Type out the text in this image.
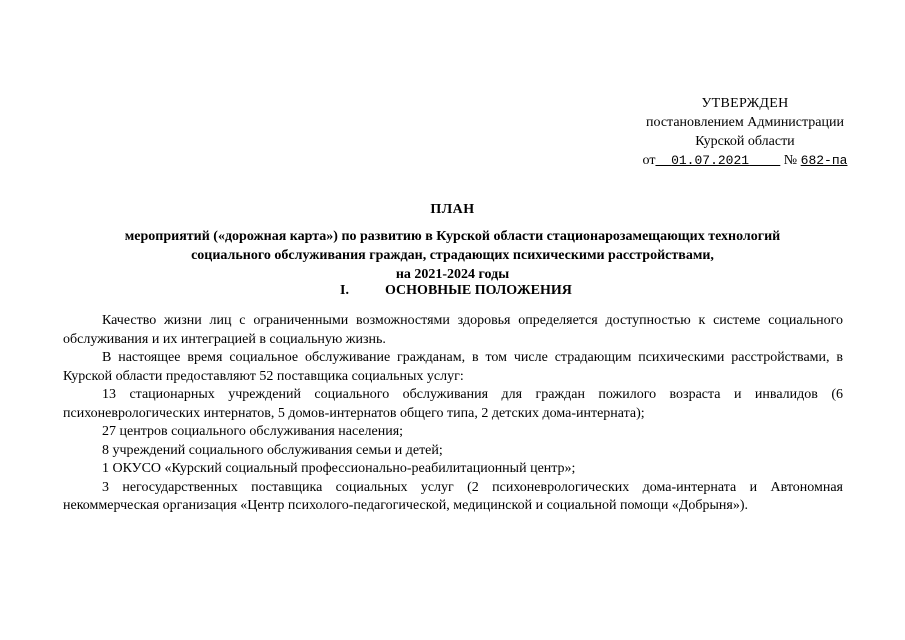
УТВЕРЖДЕН
постановлением Администрации
Курской области
от 01.07.2021 № 682-па
ПЛАН
мероприятий («дорожная карта») по развитию в Курской области стационарозамещающих технологий
социального обслуживания граждан, страдающих психическими расстройствами,
на 2021-2024 годы
I.	ОСНОВНЫЕ ПОЛОЖЕНИЯ

Качество жизни лиц с ограниченными возможностями здоровья определяется доступностью к системе социального обслуживания и их интеграцией в социальную жизнь.

В настоящее время социальное обслуживание гражданам, в том числе страдающим психическими расстройствами, в Курской области предоставляют 52 поставщика социальных услуг:

13 стационарных учреждений социального обслуживания для граждан пожилого возраста и инвалидов (6 психоневрологических интернатов, 5 домов-интернатов общего типа, 2 детских дома-интерната);

27 центров социального обслуживания населения;

8 учреждений социального обслуживания семьи и детей;

1 ОКУСО «Курский социальный профессионально-реабилитационный центр»;

3 негосударственных поставщика социальных услуг (2 психоневрологических дома-интерната и Автономная некоммерческая организация «Центр психолого-педагогической, медицинской и социальной помощи «Добрыня»).
